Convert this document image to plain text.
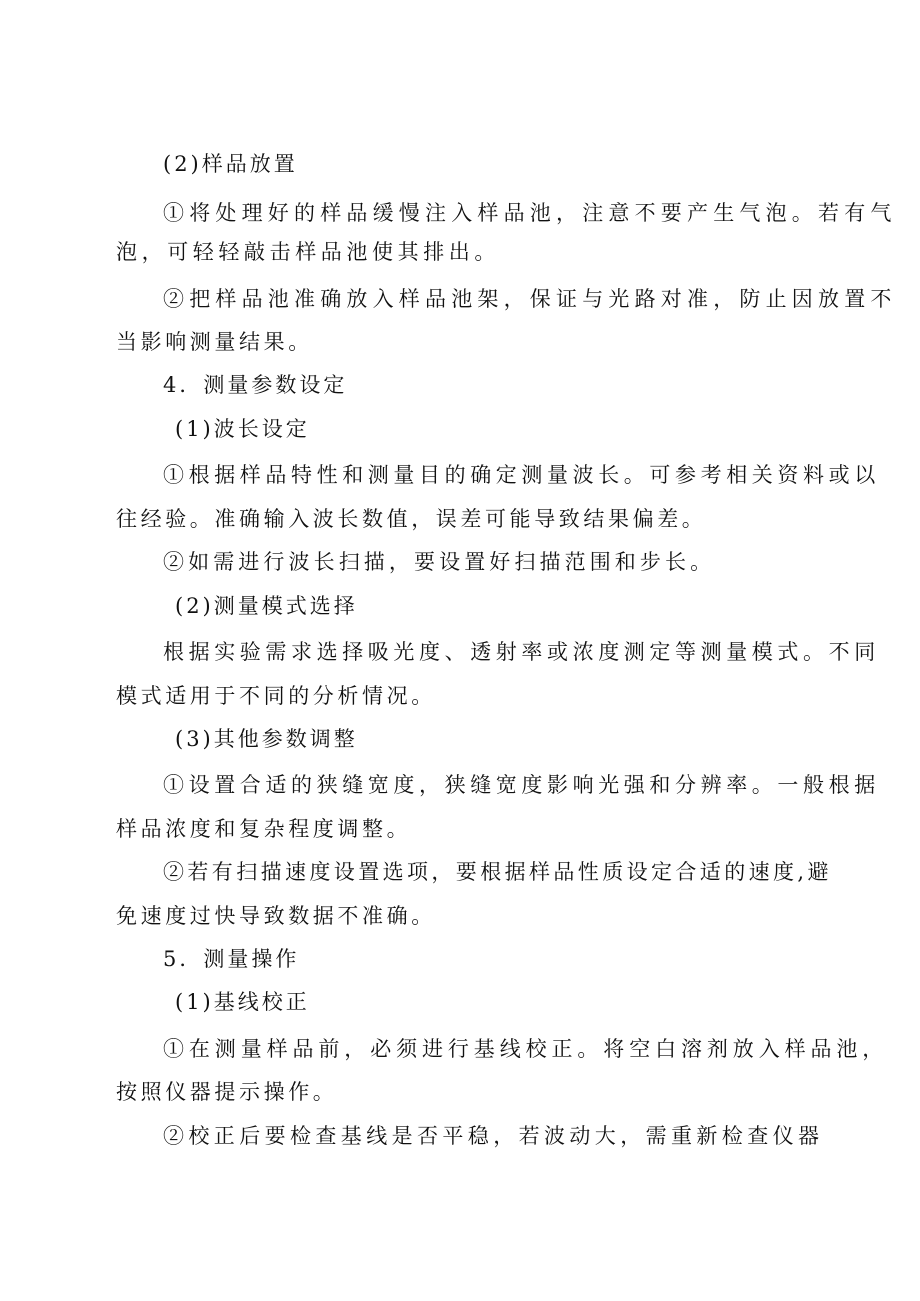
(2)样品放置
①将处理好的样品缓慢注入样品池，注意不要产生气泡。若有气
泡，可轻轻敲击样品池使其排出。
②把样品池准确放入样品池架，保证与光路对准，防止因放置不
当影响测量结果。
4．测量参数设定
(1)波长设定
①根据样品特性和测量目的确定测量波长。可参考相关资料或以
往经验。准确输入波长数值，误差可能导致结果偏差。
②如需进行波长扫描，要设置好扫描范围和步长。
(2)测量模式选择
根据实验需求选择吸光度、透射率或浓度测定等测量模式。不同
模式适用于不同的分析情况。
(3)其他参数调整
①设置合适的狭缝宽度，狭缝宽度影响光强和分辨率。一般根据
样品浓度和复杂程度调整。
②若有扫描速度设置选项，要根据样品性质设定合适的速度,避
免速度过快导致数据不准确。
5．测量操作
(1)基线校正
①在测量样品前，必须进行基线校正。将空白溶剂放入样品池，
按照仪器提示操作。
②校正后要检查基线是否平稳，若波动大，需重新检查仪器
